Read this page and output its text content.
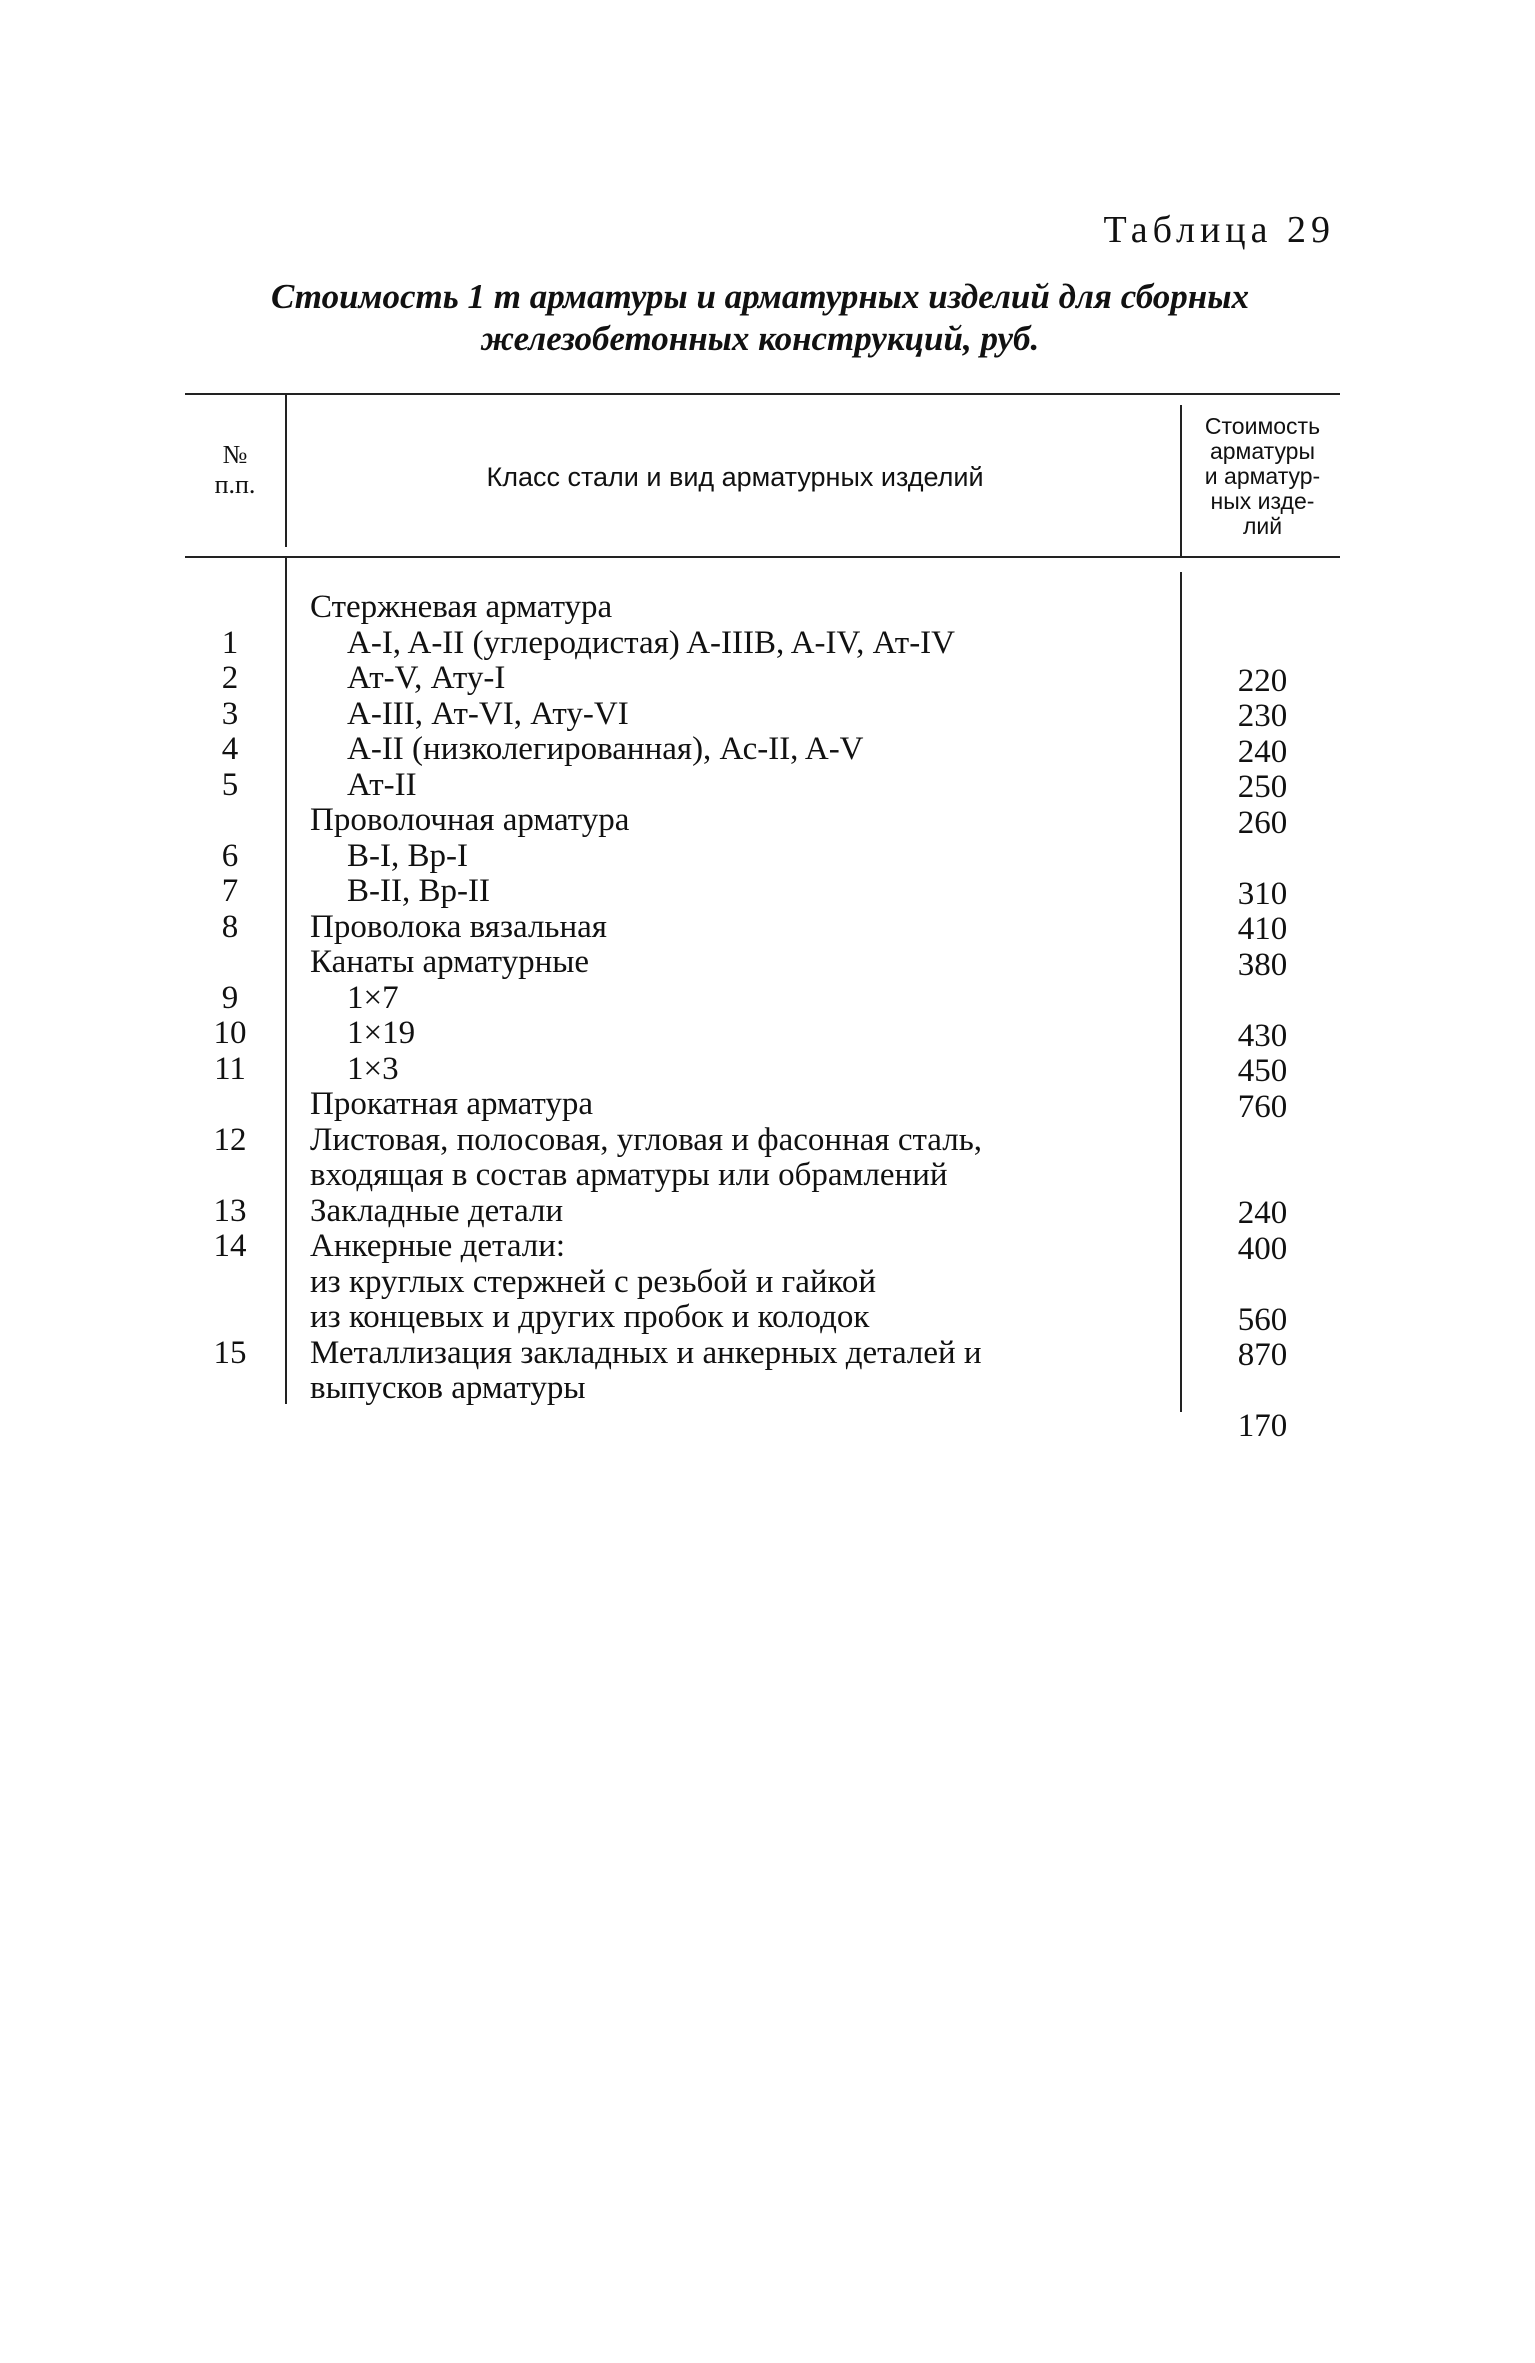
Таблица 29
Стоимость 1 т арматуры и арматурных изделий для сборных
железобетонных конструкций, руб.
№
п.п.	Класс стали и вид арматурных изделий
Стоимость
арматуры
и арматур-
ных изде-
лий
1
2
3
4
5
6
7
8
9
10
11
12
13
14
15
Стержневая арматура
A-I, A-II (углеродистая) A-IIIB, A-IV, Ат-IV
Ат-V, Ату-I
A-III, Ат-VI, Ату-VI
A-II (низколегированная), Ас-II, A-V
Ат-II
Проволочная арматура
B-I, Bp-I
B-II, Bp-II
Проволока вязальная
Канаты арматурные
1×7
1×19
1×3
Прокатная арматура
Листовая, полосовая, угловая и фасонная сталь,
входящая в состав арматуры или обрамлений
Закладные детали
Анкерные детали:
из круглых стержней с резьбой и гайкой
из концевых и других пробок и колодок
Металлизация закладных и анкерных деталей и
выпусков арматуры
220
230
240
250
260
310
410
380
430
450
760
240
400
560
870
170
